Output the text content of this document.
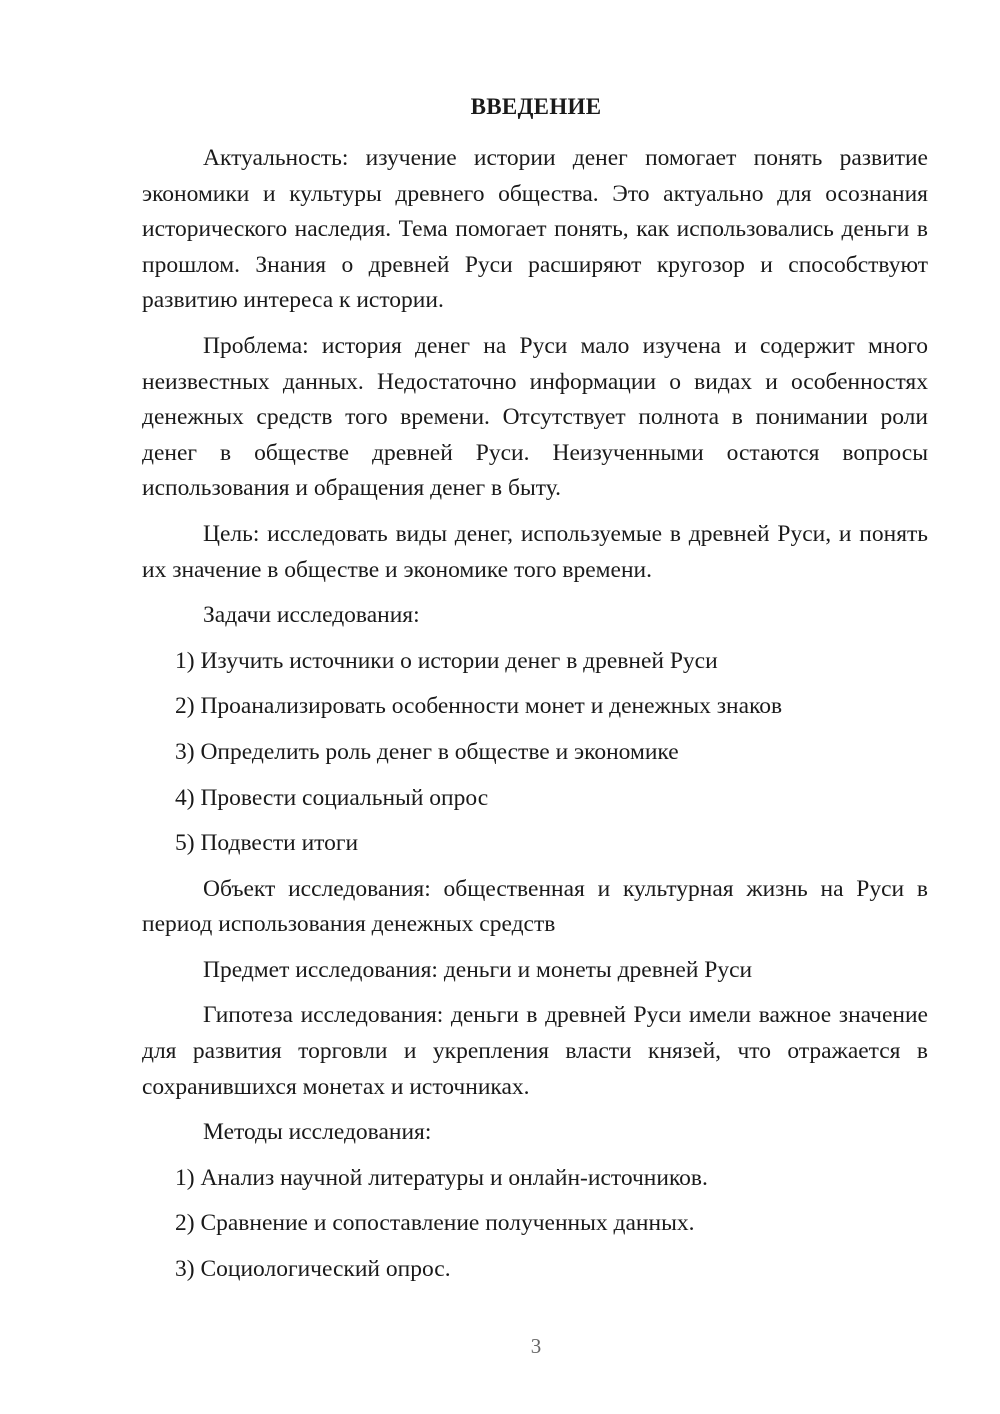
ВВЕДЕНИЕ

Актуальность: изучение истории денег помогает понять развитие экономики и культуры древнего общества. Это актуально для осознания исторического наследия. Тема помогает понять, как использовались деньги в прошлом. Знания о древней Руси расширяют кругозор и способствуют развитию интереса к истории.

Проблема: история денег на Руси мало изучена и содержит много неизвестных данных. Недостаточно информации о видах и особенностях денежных средств того времени. Отсутствует полнота в понимании роли денег в обществе древней Руси. Неизученными остаются вопросы использования и обращения денег в быту.

Цель: исследовать виды денег, используемые в древней Руси, и понять их значение в обществе и экономике того времени.

Задачи исследования:

1) Изучить источники о истории денег в древней Руси

2) Проанализировать особенности монет и денежных знаков

3) Определить роль денег в обществе и экономике

4) Провести социальный опрос

5) Подвести итоги

Объект исследования: общественная и культурная жизнь на Руси в период использования денежных средств

Предмет исследования: деньги и монеты древней Руси

Гипотеза исследования: деньги в древней Руси имели важное значение для развития торговли и укрепления власти князей, что отражается в сохранившихся монетах и источниках.

Методы исследования:

1) Анализ научной литературы и онлайн-источников.

2) Сравнение и сопоставление полученных данных.

3) Социологический опрос.

3
